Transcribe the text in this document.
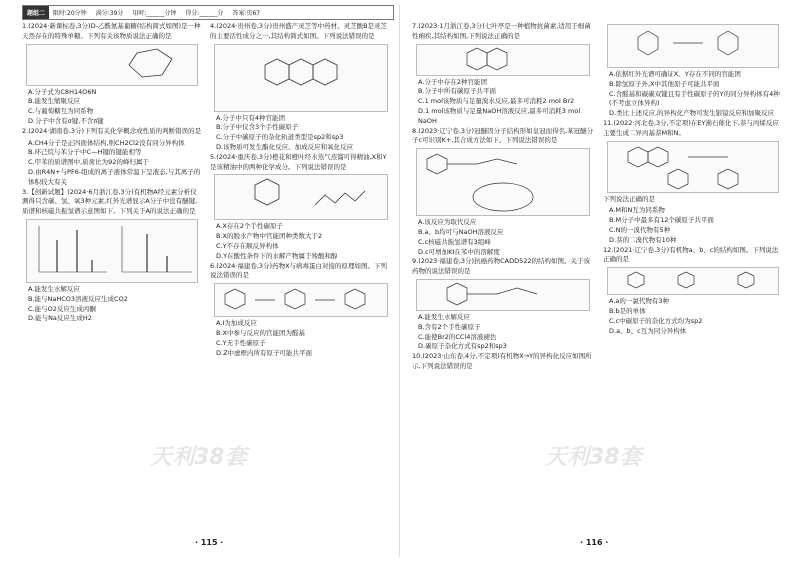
题组二	限时:20分钟 满分:39分 用时:______分钟 得分:______分 答案:页67
1.(2024·新课标卷,3分)D-乙酰氨基葡糖(结构简式如图)是一种天然存在的特殊单糖。下列有关该物质说法正确的是
A.分子式为C8H14O6N
B.能发生缩聚反应
C.与葡萄糖互为同系物
D.分子中含有σ键,不含π键
2.(2024·湖南卷,3分)下列有关化学概念或性质的判断错误的是
A.CH4分子是正四面体结构,则CH2Cl2没有同分异构体
B.环己烷与苯分子中C—H键的键能相等
C.甲苯的质谱图中,质荷比为92的峰归属于
D.由R4N+与PF6-组成的离子液体常温下呈液态,与其离子的体积较大有关
3.【创新试题】(2024·6月浙江卷,3分)有机物A经元素分析仪测得只含碳、氢、氧3种元素,红外光谱显示A分子中没有醚键,质谱和核磁共振氢谱示意图如下。下列关于A的说法正确的是
A.能发生水解反应
B.能与NaHCO3溶液反应生成CO2
C.能与O2反应生成丙酮
D.能与Na反应生成H2
4.(2024·贵州卷,3分)贵州盛产灵芝等中药材。灵芝酸B是灵芝的主要活性成分之一,其结构简式如图。下列说法错误的是
A.分子中只有4种官能团
B.分子中仅含3个手性碳原子
C.分子中碳原子的杂化轨道类型是sp2和sp3
D.该物质可发生酯化反应、加成反应和氧化反应
5.(2024·重庆卷,3分)橙花和橙叶经水蒸气蒸馏可得精油,X和Y是该精油中的两种化学成分。下列说法错误的是
A.X存在2个手性碳原子
B.X的脱水产物中官能团种类数大于2
C.Y不存在顺反异构体
D.Y在酸性条件下的水解产物属于羧酸和醇
6.(2024·福建卷,3分)药物X与病毒蛋白对接的原理如图。下列说法错误的是
A.Ⅰ为加成反应
B.X中参与反应的官能团为醛基
C.Y无手性碳原子
D.Z中虚框内所有原子可能共平面
7.(2023·1月浙江卷,3分)七叶亭是一种植物抗菌素,适用于细菌性痢疾,其结构如图,下列说法正确的是
A.分子中存在2种官能团
B.分子中所有碳原子共平面
C.1 mol该物质与足量溴水反应,最多可消耗2 mol Br2
D.1 mol该物质与足量NaOH溶液反应,最多可消耗3 mol NaOH
8.(2023·辽宁卷,3分)冠醚因分子结构形如皇冠而得名,某冠醚分子c可识别K+,其合成方法如下。下列说法错误的是
A.该反应为取代反应
B.a、b均可与NaOH溶液反应
C.c核磁共振氢谱有3组峰
D.c可增加KI在苯中的溶解度
9.(2023·福建卷,3分)抗癌药物CADD522的结构如图。关于该药物的说法错误的是
A.能发生水解反应
B.含有2个手性碳原子
C.能使Br2的CCl4溶液褪色
D.碳原子杂化方式有sp2和sp3
10.(2023·山东卷,4分,不定项)有机物X→Y的异构化反应如图所示,下列说法错误的是
A.依据红外光谱可确证X、Y存在不同的官能团
B.除氢原子外,X中其他原子可能共平面
C.含醛基和碳碳双键且有手性碳原子的Y的同分异构体有4种(不考虑立体异构)
D.类比上述反应,的异构化产物可发生银镜反应和加聚反应
11.(2022·河北卷,3分,不定项)在EY沸石催化下,萘与丙烯反应主要生成二异丙基萘M和N。
下列说法正确的是
A.M和N互为同系物
B.M分子中最多有12个碳原子共平面
C.N的一溴代物有5种
D.萘的二溴代物有10种
12.(2021·辽宁卷,3分)有机物a、b、c的结构如图。下列说法正确的是
A.a的一氯代物有3种
B.b是的单体
C.c中碳原子的杂化方式均为sp2
D.a、b、c互为同分异构体
天利38套	天利38套
· 115 ·	· 116 ·
